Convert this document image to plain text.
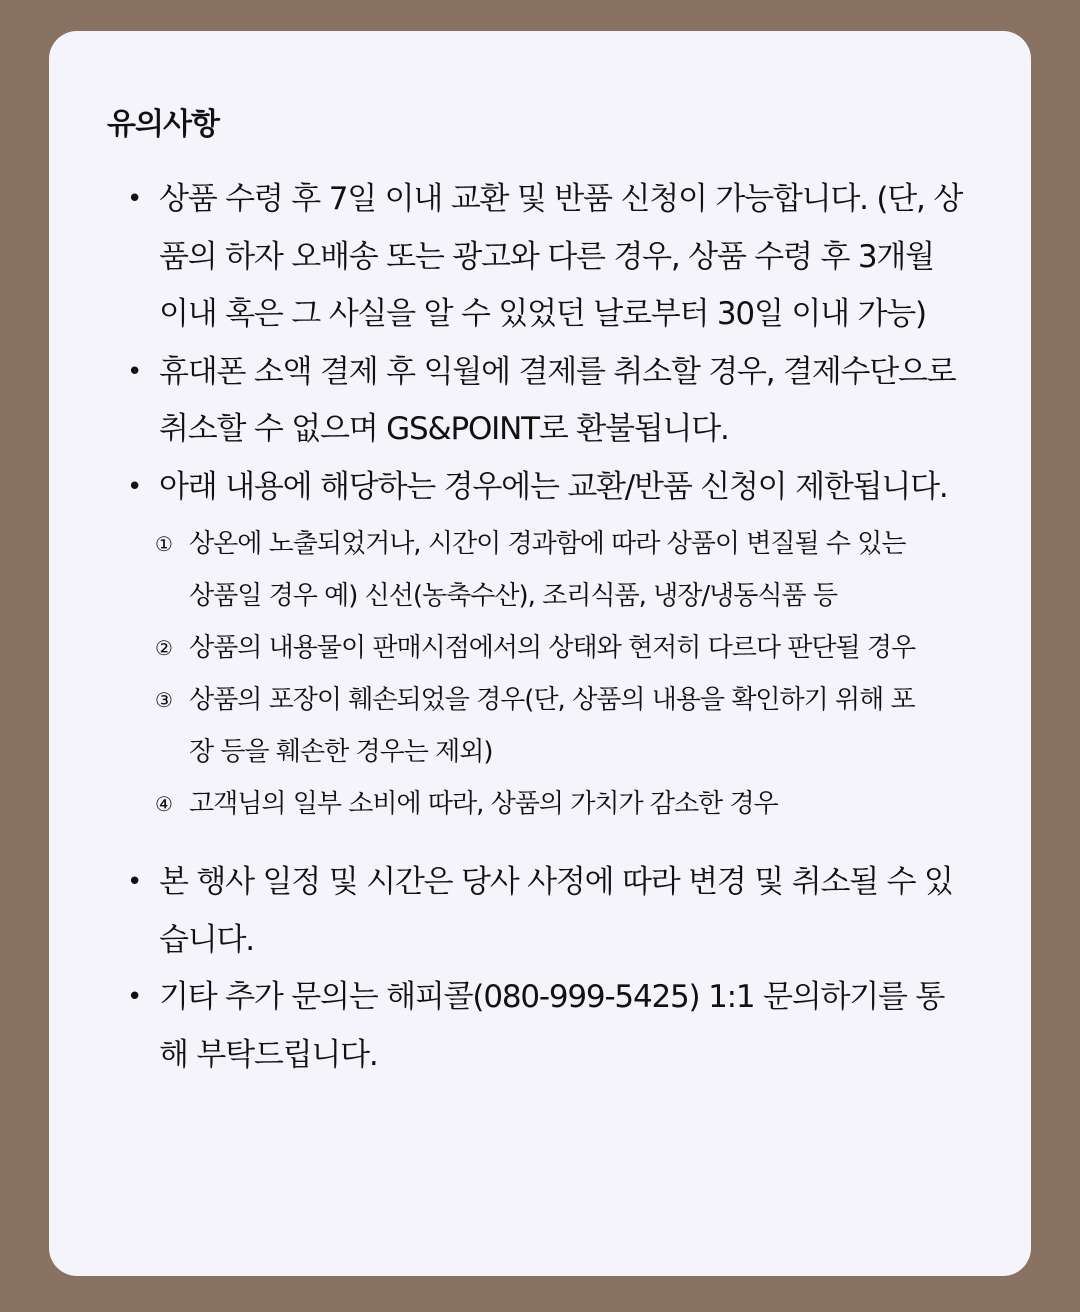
유의사항
• 상품 수령 후 7일 이내 교환 및 반품 신청이 가능합니다. (단, 상품의 하자 오배송 또는 광고와 다른 경우, 상품 수령 후 3개월 이내 혹은 그 사실을 알 수 있었던 날로부터 30일 이내 가능)
• 휴대폰 소액 결제 후 익월에 결제를 취소할 경우, 결제수단으로 취소할 수 없으며 GS&POINT로 환불됩니다.
• 아래 내용에 해당하는 경우에는 교환/반품 신청이 제한됩니다.
① 상온에 노출되었거나, 시간이 경과함에 따라 상품이 변질될 수 있는 상품일 경우 예) 신선(농축수산), 조리식품, 냉장/냉동식품 등
② 상품의 내용물이 판매시점에서의 상태와 현저히 다르다 판단될 경우
③ 상품의 포장이 훼손되었을 경우(단, 상품의 내용을 확인하기 위해 포장 등을 훼손한 경우는 제외)
④ 고객님의 일부 소비에 따라, 상품의 가치가 감소한 경우
• 본 행사 일정 및 시간은 당사 사정에 따라 변경 및 취소될 수 있습니다.
• 기타 추가 문의는 해피콜(080-999-5425) 1:1 문의하기를 통해 부탁드립니다.
